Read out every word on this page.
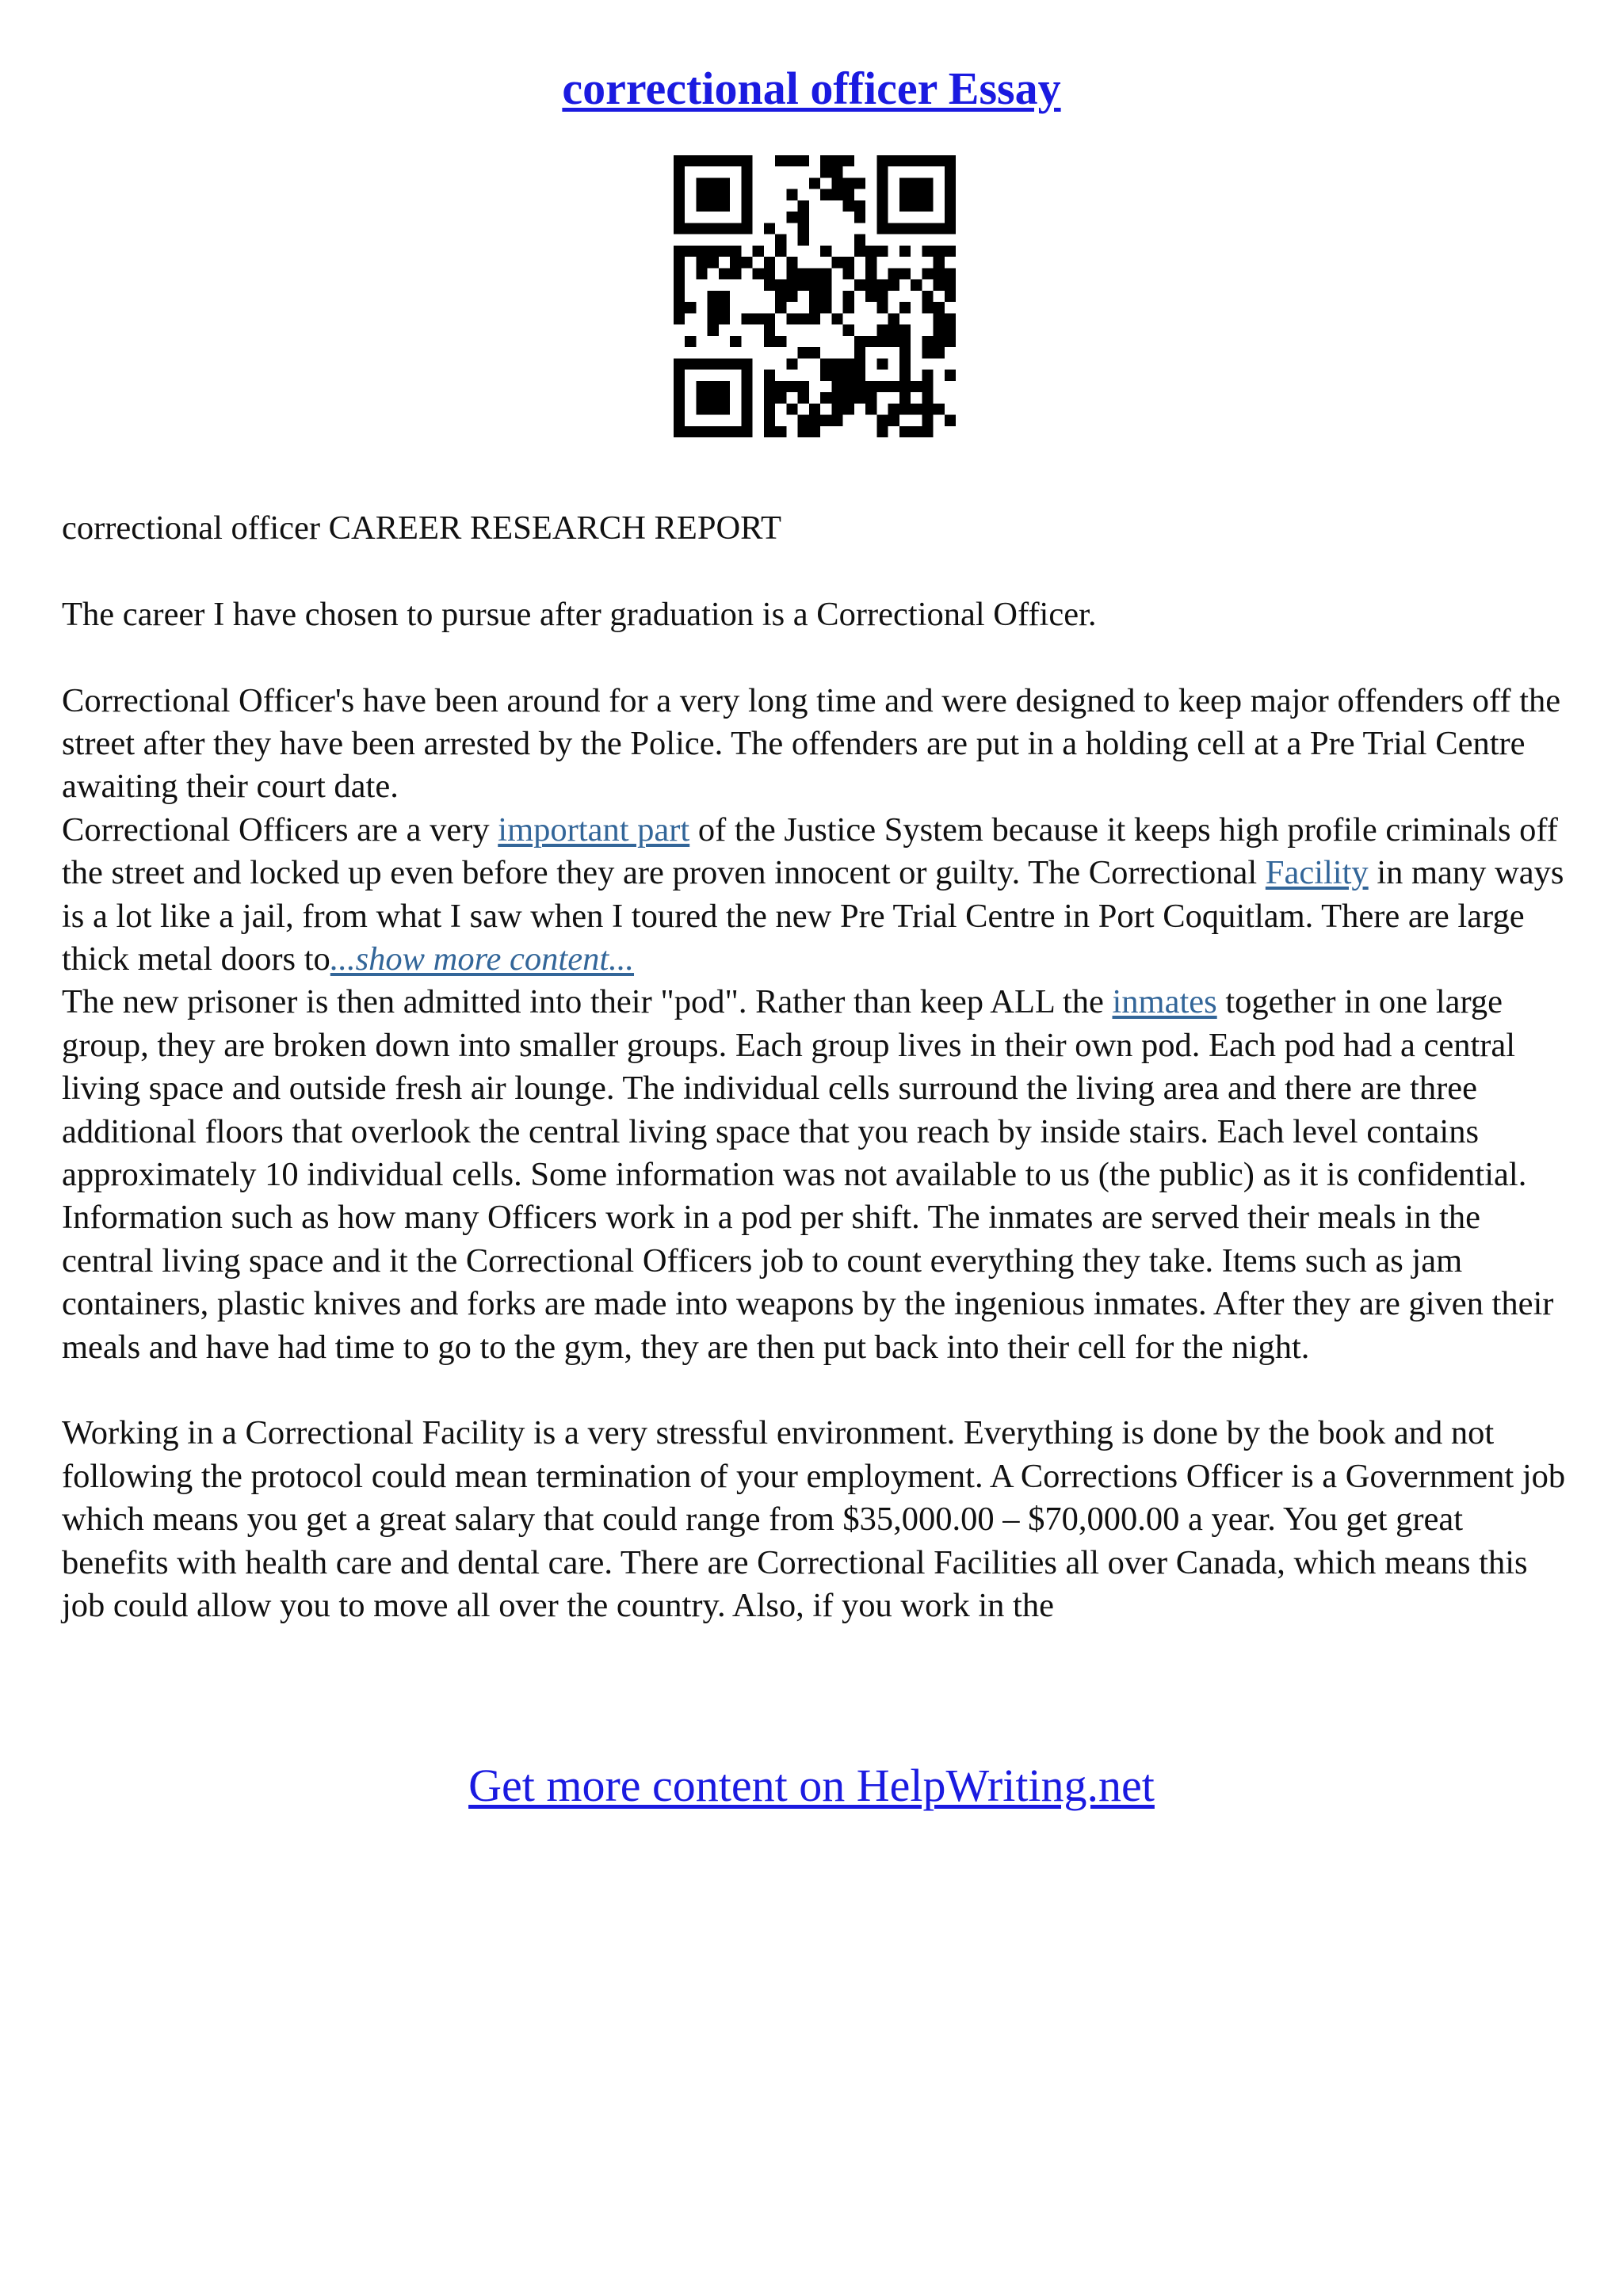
correctional officer Essay

correctional officer CAREER RESEARCH REPORT

The career I have chosen to pursue after graduation is a Correctional Officer.

Correctional Officer's have been around for a very long time and were designed to keep major offenders off the street after they have been arrested by the Police. The offenders are put in a holding cell at a Pre Trial Centre awaiting their court date.

Correctional Officers are a very important part of the Justice System because it keeps high profile criminals off the street and locked up even before they are proven innocent or guilty. The Correctional Facility in many ways is a lot like a jail, from what I saw when I toured the new Pre Trial Centre in Port Coquitlam. There are large thick metal doors to...show more content...

The new prisoner is then admitted into their "pod". Rather than keep ALL the inmates together in one large group, they are broken down into smaller groups. Each group lives in their own pod. Each pod had a central living space and outside fresh air lounge. The individual cells surround the living area and there are three additional floors that overlook the central living space that you reach by inside stairs. Each level contains approximately 10 individual cells. Some information was not available to us (the public) as it is confidential. Information such as how many Officers work in a pod per shift. The inmates are served their meals in the central living space and it the Correctional Officers job to count everything they take. Items such as jam containers, plastic knives and forks are made into weapons by the ingenious inmates. After they are given their meals and have had time to go to the gym, they are then put back into their cell for the night.

Working in a Correctional Facility is a very stressful environment. Everything is done by the book and not following the protocol could mean termination of your employment. A Corrections Officer is a Government job which means you get a great salary that could range from $35,000.00 – $70,000.00 a year. You get great benefits with health care and dental care. There are Correctional Facilities all over Canada, which means this job could allow you to move all over the country. Also, if you work in the

Get more content on HelpWriting.net
